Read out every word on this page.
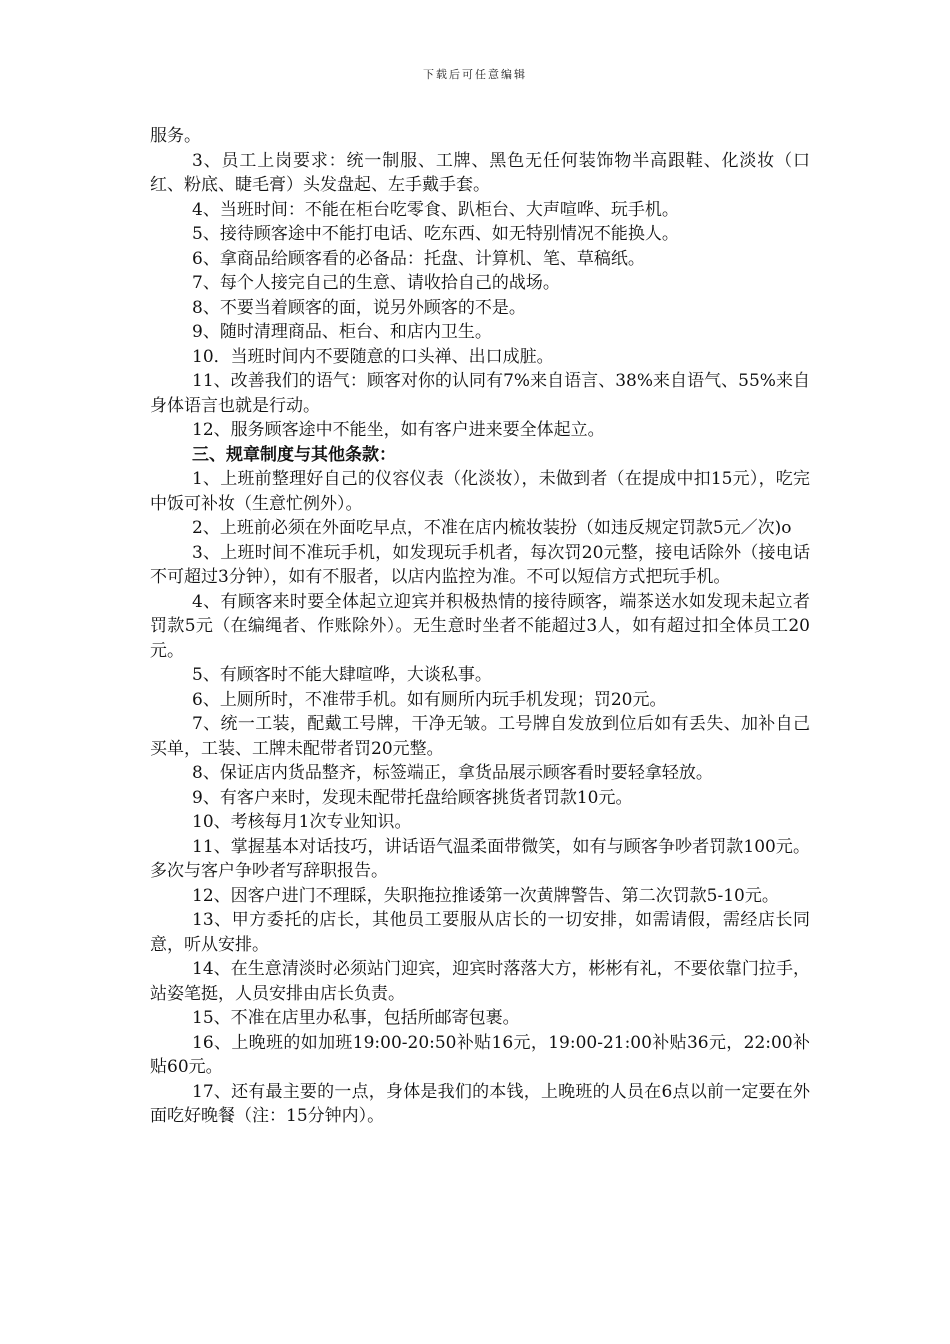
下载后可任意编辑

服务。

3、员工上岗要求：统一制服、工牌、黑色无任何装饰物半高跟鞋、化淡妆（口红、粉底、睫毛膏）头发盘起、左手戴手套。

4、当班时间：不能在柜台吃零食、趴柜台、大声喧哗、玩手机。

5、接待顾客途中不能打电话、吃东西、如无特别情况不能换人。

6、拿商品给顾客看的必备品：托盘、计算机、笔、草稿纸。

7、每个人接完自己的生意、请收拾自己的战场。

8、不要当着顾客的面，说另外顾客的不是。

9、随时清理商品、柜台、和店内卫生。

10．当班时间内不要随意的口头禅、出口成脏。

11、改善我们的语气：顾客对你的认同有7%来自语言、38%来自语气、55%来自身体语言也就是行动。

12、服务顾客途中不能坐，如有客户进来要全体起立。

三、规章制度与其他条款：

1、上班前整理好自己的仪容仪表（化淡妆），未做到者（在提成中扣15元），吃完中饭可补妆（生意忙例外）。

2、上班前必须在外面吃早点，不准在店内梳妆装扮（如违反规定罚款5元／次)o

3、上班时间不准玩手机，如发现玩手机者，每次罚20元整，接电话除外（接电话不可超过3分钟），如有不服者，以店内监控为准。不可以短信方式把玩手机。

4、有顾客来时要全体起立迎宾并积极热情的接待顾客，端茶送水如发现未起立者罚款5元（在编绳者、作账除外）。无生意时坐者不能超过3人，如有超过扣全体员工20元。

5、有顾客时不能大肆喧哗，大谈私事。

6、上厕所时，不准带手机。如有厕所内玩手机发现；罚20元。

7、统一工装，配戴工号牌，干净无皱。工号牌自发放到位后如有丢失、加补自己买单，工装、工牌未配带者罚20元整。

8、保证店内货品整齐，标签端正，拿货品展示顾客看时要轻拿轻放。

9、有客户来时，发现未配带托盘给顾客挑货者罚款10元。

10、考核每月1次专业知识。

11、掌握基本对话技巧，讲话语气温柔面带微笑，如有与顾客争吵者罚款100元。多次与客户争吵者写辞职报告。

12、因客户进门不理睬，失职拖拉推诿第一次黄牌警告、第二次罚款5-10元。

13、甲方委托的店长，其他员工要服从店长的一切安排，如需请假，需经店长同意，听从安排。

14、在生意清淡时必须站门迎宾，迎宾时落落大方，彬彬有礼，不要依靠门拉手，站姿笔挺，人员安排由店长负责。

15、不准在店里办私事，包括所邮寄包裹。

16、上晚班的如加班19:00-20:50补贴16元，19:00-21:00补贴36元，22:00补贴60元。

17、还有最主要的一点，身体是我们的本钱，上晚班的人员在6点以前一定要在外面吃好晚餐（注：15分钟内）。
